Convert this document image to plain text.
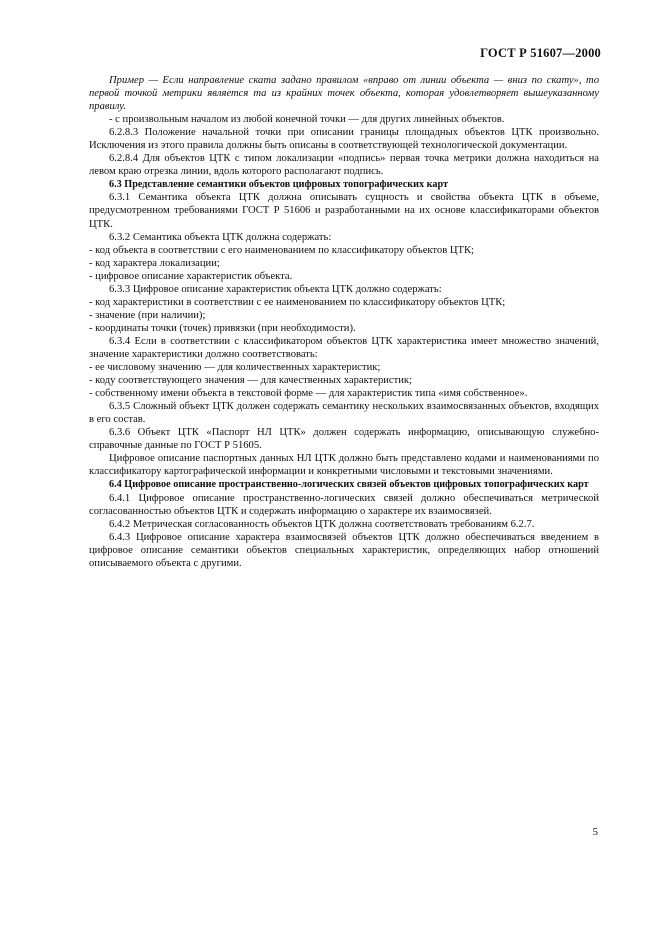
ГОСТ Р 51607—2000

Пример — Если направление ската задано правилом «вправо от линии объекта — вниз по скату», то первой точкой метрики является та из крайних точек объекта, которая удовлетворяет вышеуказанному правилу.

- с произвольным началом из любой конечной точки — для других линейных объектов.

6.2.8.3 Положение начальной точки при описании границы площадных объектов ЦТК произвольно. Исключения из этого правила должны быть описаны в соответствующей технологической документации.

6.2.8.4 Для объектов ЦТК с типом локализации «подпись» первая точка метрики должна находиться на левом краю отрезка линии, вдоль которого располагают подпись.

6.3 Представление семантики объектов цифровых топографических карт

6.3.1 Семантика объекта ЦТК должна описывать сущность и свойства объекта ЦТК в объеме, предусмотренном требованиями ГОСТ Р 51606 и разработанными на их основе классификаторами объектов ЦТК.

6.3.2 Семантика объекта ЦТК должна содержать:

- код объекта в соответствии с его наименованием по классификатору объектов ЦТК;

- код характера локализации;

- цифровое описание характеристик объекта.

6.3.3 Цифровое описание характеристик объекта ЦТК должно содержать:

- код характеристики в соответствии с ее наименованием по классификатору объектов ЦТК;

- значение (при наличии);

- координаты точки (точек) привязки (при необходимости).

6.3.4 Если в соответствии с классификатором объектов ЦТК характеристика имеет множество значений, значение характеристики должно соответствовать:

- ее числовому значению — для количественных характеристик;

- коду соответствующего значения — для качественных характеристик;

- собственному имени объекта в текстовой форме — для характеристик типа «имя собственное».

6.3.5 Сложный объект ЦТК должен содержать семантику нескольких взаимосвязанных объектов, входящих в его состав.

6.3.6 Объект ЦТК «Паспорт НЛ ЦТК» должен содержать информацию, описывающую служебно-справочные данные по ГОСТ Р 51605.

Цифровое описание паспортных данных НЛ ЦТК должно быть представлено кодами и наименованиями по классификатору картографической информации и конкретными числовыми и текстовыми значениями.

6.4 Цифровое описание пространственно-логических связей объектов цифровых топографических карт

6.4.1 Цифровое описание пространственно-логических связей должно обеспечиваться метрической согласованностью объектов ЦТК и содержать информацию о характере их взаимосвязей.

6.4.2 Метрическая согласованность объектов ЦТК должна соответствовать требованиям 6.2.7.

6.4.3 Цифровое описание характера взаимосвязей объектов ЦТК должно обеспечиваться введением в цифровое описание семантики объектов специальных характеристик, определяющих набор отношений описываемого объекта с другими.

5
